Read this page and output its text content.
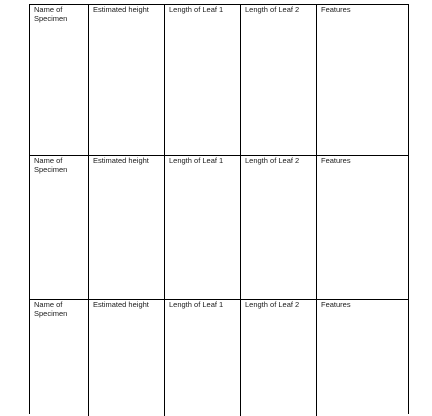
Name of
Specimen
Estimated height	Length of Leaf 1	Length of Leaf 2	Features
Name of
Specimen
Estimated height	Length of Leaf 1	Length of Leaf 2	Features
Name of
Specimen
Estimated height	Length of Leaf 1	Length of Leaf 2	Features
